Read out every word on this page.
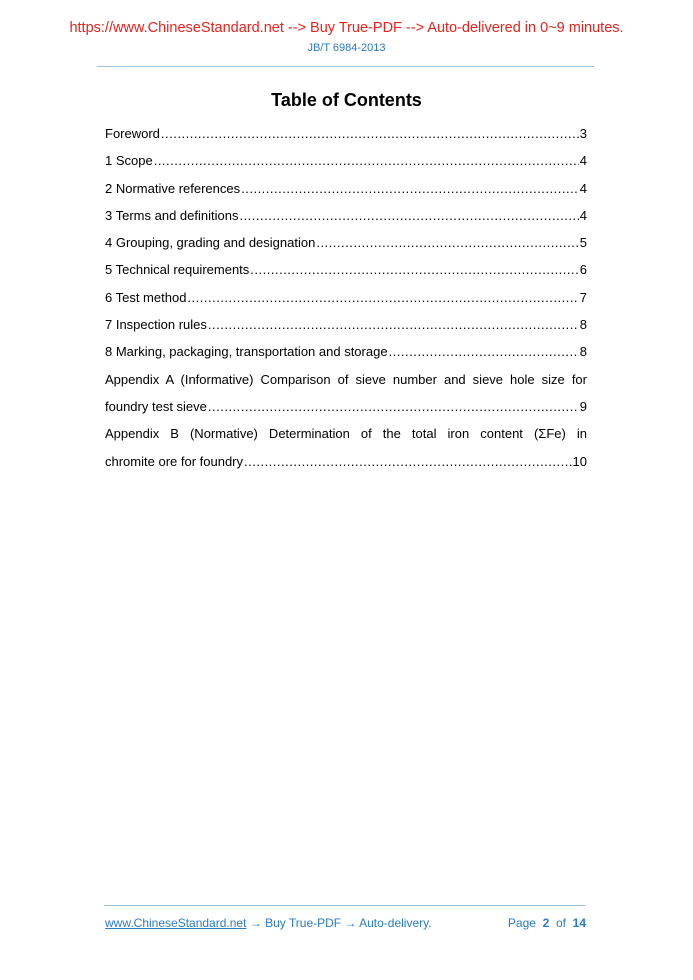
https://www.ChineseStandard.net --> Buy True-PDF --> Auto-delivered in 0~9 minutes.
JB/T 6984-2013
Table of Contents
Foreword .....	3
1 Scope .....	4
2 Normative references .....	4
3 Terms and definitions .....	4
4 Grouping, grading and designation .....	5
5 Technical requirements .....	6
6 Test method .....	7
7 Inspection rules .....	8
8 Marking, packaging, transportation and storage .....	8
Appendix A (Informative) Comparison of sieve number and sieve hole size for
foundry test sieve .....	9
Appendix B (Normative) Determination of the total iron content (ΣFe) in
chromite ore for foundry .....	10
www.ChineseStandard.net → Buy True-PDF → Auto-delivery.	Page 2 of 14
